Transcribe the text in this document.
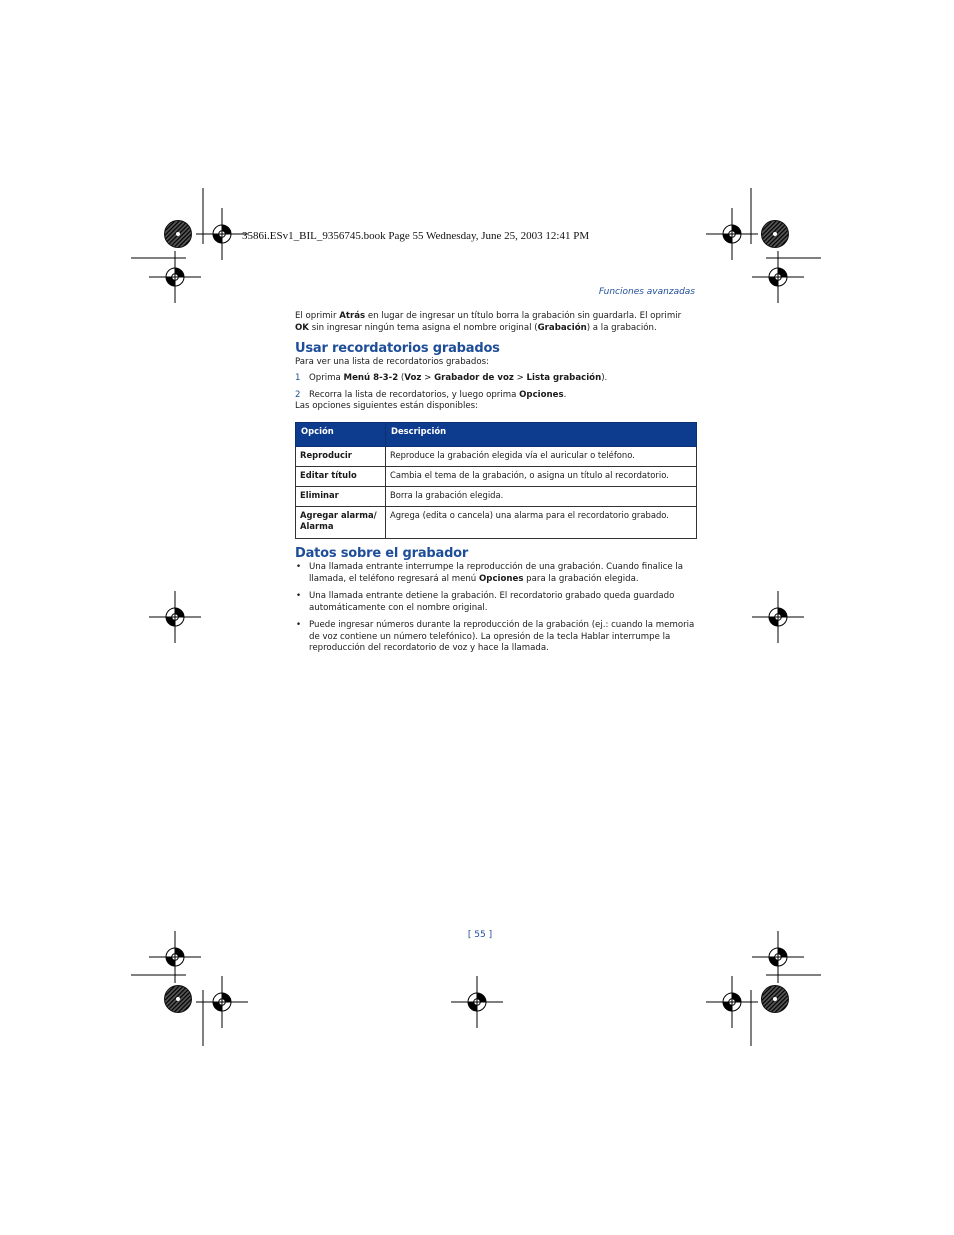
3586i.ESv1_BIL_9356745.book Page 55 Wednesday, June 25, 2003 12:41 PM
Funciones avanzadas

El oprimir Atrás en lugar de ingresar un título borra la grabación sin guardarla. El oprimir OK sin ingresar ningún tema asigna el nombre original (Grabación) a la grabación.

Usar recordatorios grabados

Para ver una lista de recordatorios grabados:

1 Oprima Menú 8-3-2 (Voz > Grabador de voz > Lista grabación).
2 Recorra la lista de recordatorios, y luego oprima Opciones.

Las opciones siguientes están disponibles:

Opción	Descripción
Reproducir	Reproduce la grabación elegida vía el auricular o teléfono.
Editar título	Cambia el tema de la grabación, o asigna un título al recordatorio.
Eliminar	Borra la grabación elegida.
Agregar alarma/ Alarma	Agrega (edita o cancela) una alarma para el recordatorio grabado.
Datos sobre el grabador
• Una llamada entrante interrumpe la reproducción de una grabación. Cuando finalice la llamada, el teléfono regresará al menú Opciones para la grabación elegida.
• Una llamada entrante detiene la grabación. El recordatorio grabado queda guardado automáticamente con el nombre original.
• Puede ingresar números durante la reproducción de la grabación (ej.: cuando la memoria de voz contiene un número telefónico). La opresión de la tecla Hablar interrumpe la reproducción del recordatorio de voz y hace la llamada.
[ 55 ]
